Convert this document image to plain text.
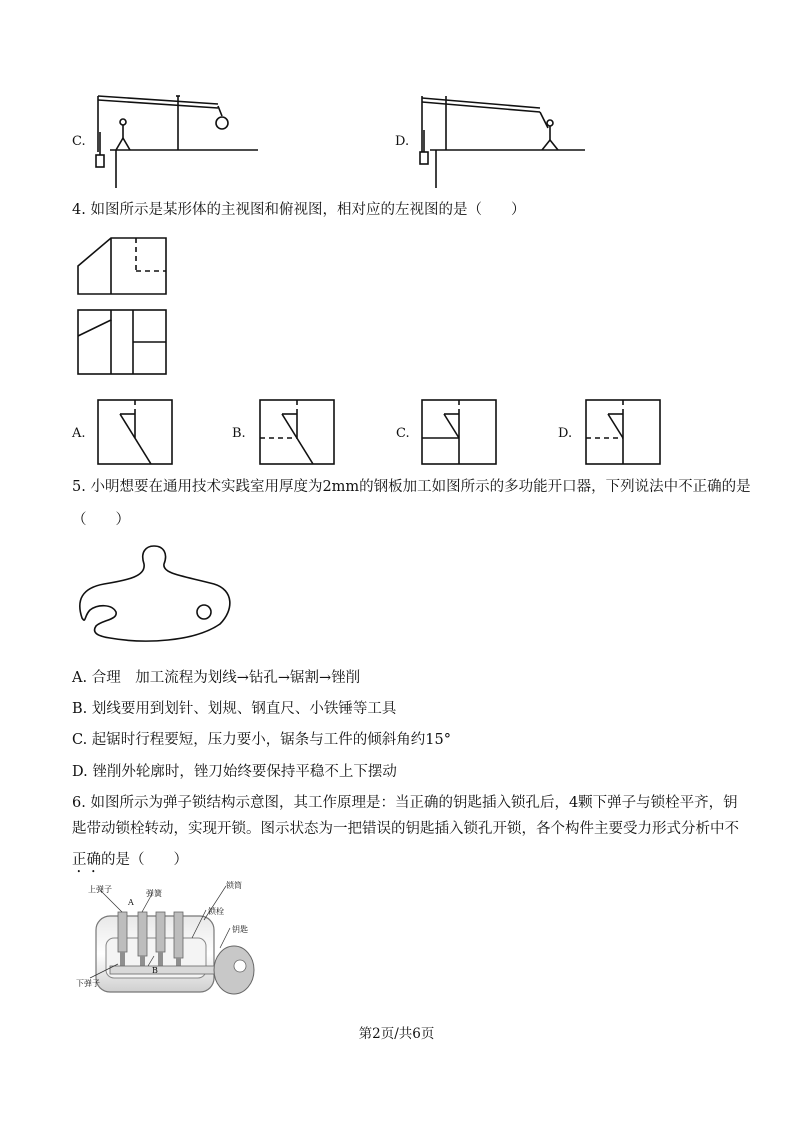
C.	D.
4. 如图所示是某形体的主视图和俯视图，相对应的左视图的是（　　）
A.	B.	C.	D.
5. 小明想要在通用技术实践室用厚度为2mm的钢板加工如图所示的多功能开口器，下列说法中不正确的是
（　　）
A. 合理　加工流程为划线→钻孔→锯割→锉削
B. 划线要用到划针、划规、钢直尺、小铁锤等工具
C. 起锯时行程要短，压力要小，锯条与工件的倾斜角约15°
D. 锉削外轮廓时，锉刀始终要保持平稳不上下摆动
6. 如图所示为弹子锁结构示意图，其工作原理是：当正确的钥匙插入锁孔后，4颗下弹子与锁栓平齐，钥
匙带动锁栓转动，实现开锁。图示状态为一把错误的钥匙插入锁孔开锁，各个构件主要受力形式分析中不
正确的是（　　）
上弹子	弹簧
锁筒
锁栓
钥匙
下弹子
A
B
第2页/共6页
